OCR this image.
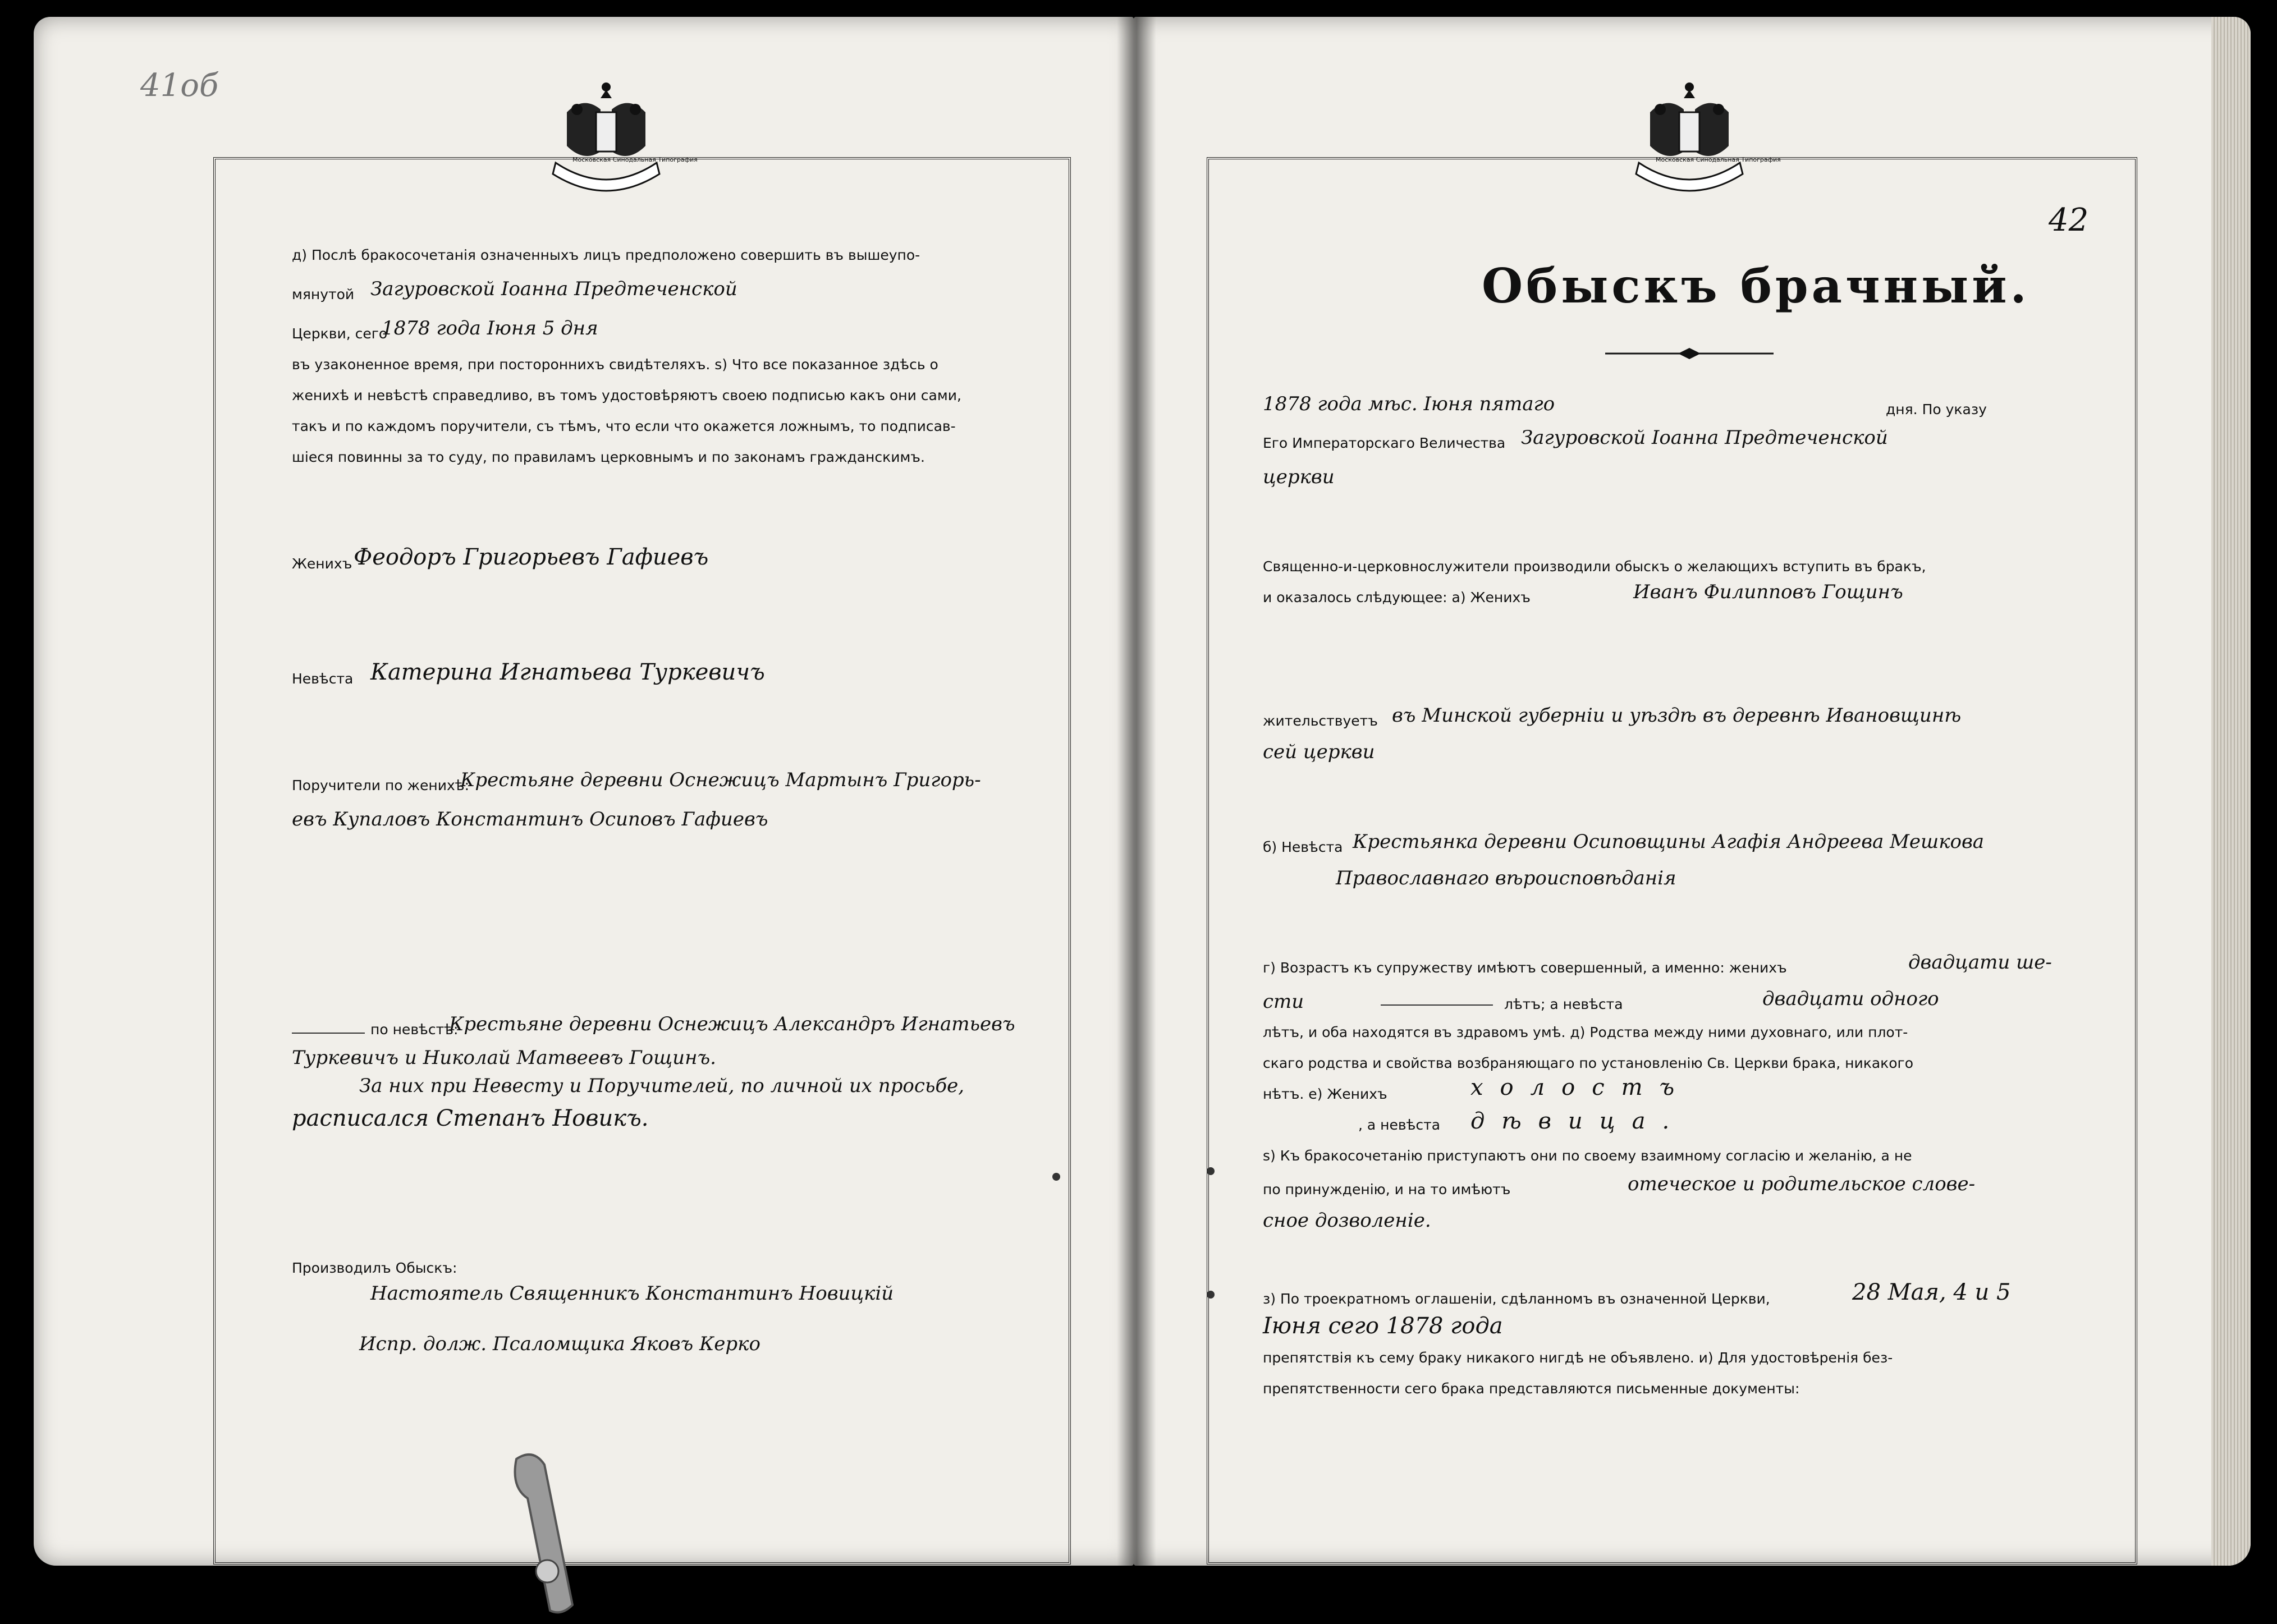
Московская Синодальная Типография	Московская Синодальная Типография
41об
42
д) Послѣ бракосочетанія означенныхъ лицъ предположено совершить въ вышеупо-
мянутой Загуровской Іоанна Предтеченской
Церкви, сего
1878 года Іюня 5 дня
въ узаконенное время, при постороннихъ свидѣтеляхъ. ѕ) Что все показанное здѣсь о
женихѣ и невѣстѣ справедливо, въ томъ удостовѣряютъ своею подписью какъ они сами,
такъ и по каждомъ поручители, съ тѣмъ, что если что окажется ложнымъ, то подписав-
шіеся повинны за то суду, по правиламъ церковнымъ и по законамъ гражданскимъ.
Женихъ Феодоръ Григорьевъ Гафиевъ
Невѣста Катерина Игнатьева Туркевичъ
Поручители по женихѣ:
Крестьяне деревни Оснежицъ Мартынъ Григорь-
евъ Купаловъ Константинъ Осиповъ Гафиевъ
по невѣстѣ:
Крестьяне деревни Оснежицъ Александръ Игнатьевъ
Туркевичъ и Николай Матвеевъ Гощинъ.
За них при Невесту и Поручителей, по личной их просьбе,
расписался Степанъ Новикъ.
Производилъ Обыскъ:
Настоятель Священникъ Константинъ Новицкій
Испр. долж. Псаломщика Яковъ Керко
Обыскъ брачный.
1878 года мѣс. Іюня пятаго	дня. По указу
Его Императорскаго Величества Загуровской Іоанна Предтеченской
церкви
Священно-и-церковнослужители производили обыскъ о желающихъ вступить въ бракъ,
и оказалось слѣдующее: а) Женихъ	Иванъ Филипповъ Гощинъ
жительствуетъ въ Минской губерніи и уѣздѣ въ деревнѣ Ивановщинѣ
сей церкви
б) Невѣста Крестьянка деревни Осиповщины Агафія Андреева Мешкова
Православнаго вѣроисповѣданія
г) Возрастъ къ супружеству имѣютъ совершенный, а именно: женихъ	двадцати ше-
сти	лѣтъ; а невѣста	двадцати одного
лѣтъ, и оба находятся въ здравомъ умѣ. д) Родства между ними духовнаго, или плот-
скаго родства и свойства возбраняющаго по установленію Св. Церкви брака, никакого
нѣтъ. е) Женихъ	холостъ
, а невѣста дѣвица.
ѕ) Къ бракосочетанію приступаютъ они по своему взаимному согласію и желанію, а не
по принужденію, и на то имѣютъ	отеческое и родительское слове-
сное дозволеніе.
з) По троекратномъ оглашеніи, сдѣланномъ въ означенной Церкви,	28 Мая, 4 и 5
Іюня сего 1878 года
препятствія къ сему браку никакого нигдѣ не объявлено. и) Для удостовѣренія без-
препятственности сего брака представляются письменные документы:
